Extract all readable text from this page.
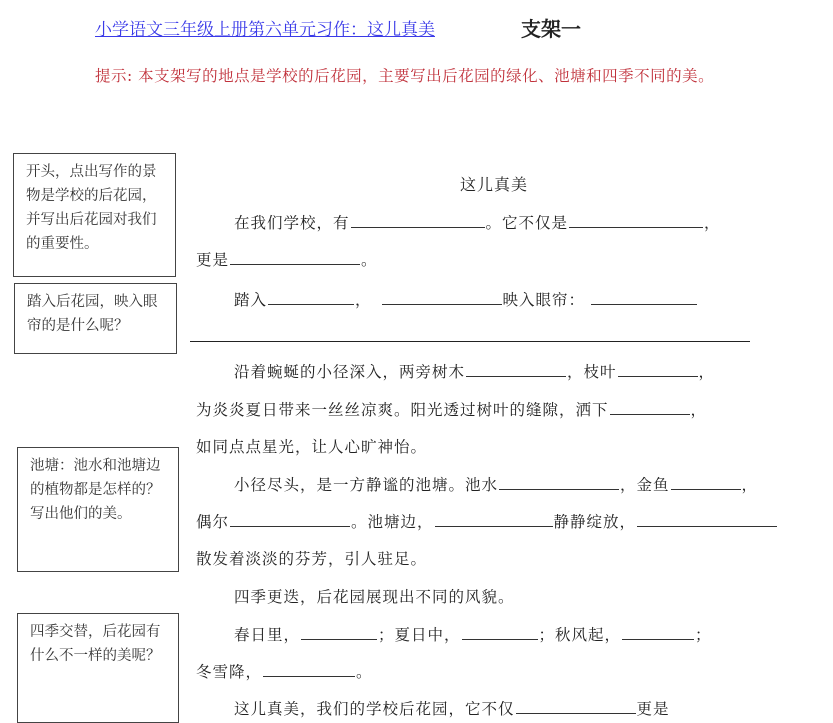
小学语文三年级上册第六单元习作：这儿真美	支架一
提示: 本支架写的地点是学校的后花园，主要写出后花园的绿化、池塘和四季不同的美。
开头，点出写作的景物是学校的后花园，并写出后花园对我们的重要性。
踏入后花园，映入眼帘的是什么呢？
池塘：池水和池塘边的植物都是怎样的？写出他们的美。
四季交替，后花园有什么不一样的美呢？
这儿真美
在我们学校，有	。它不仅是	，
更是	。
踏入	，	映入眼帘：
沿着蜿蜒的小径深入，两旁树木	，枝叶	，
为炎炎夏日带来一丝丝凉爽。阳光透过树叶的缝隙，洒下	，
如同点点星光，让人心旷神怡。
小径尽头，是一方静谧的池塘。池水	，金鱼	，
偶尔	。池塘边，	静静绽放，
散发着淡淡的芬芳，引人驻足。
四季更迭，后花园展现出不同的风貌。
春日里，	；夏日中，	；秋风起，	；
冬雪降，	。
这儿真美，我们的学校后花园，它不仅	更是
